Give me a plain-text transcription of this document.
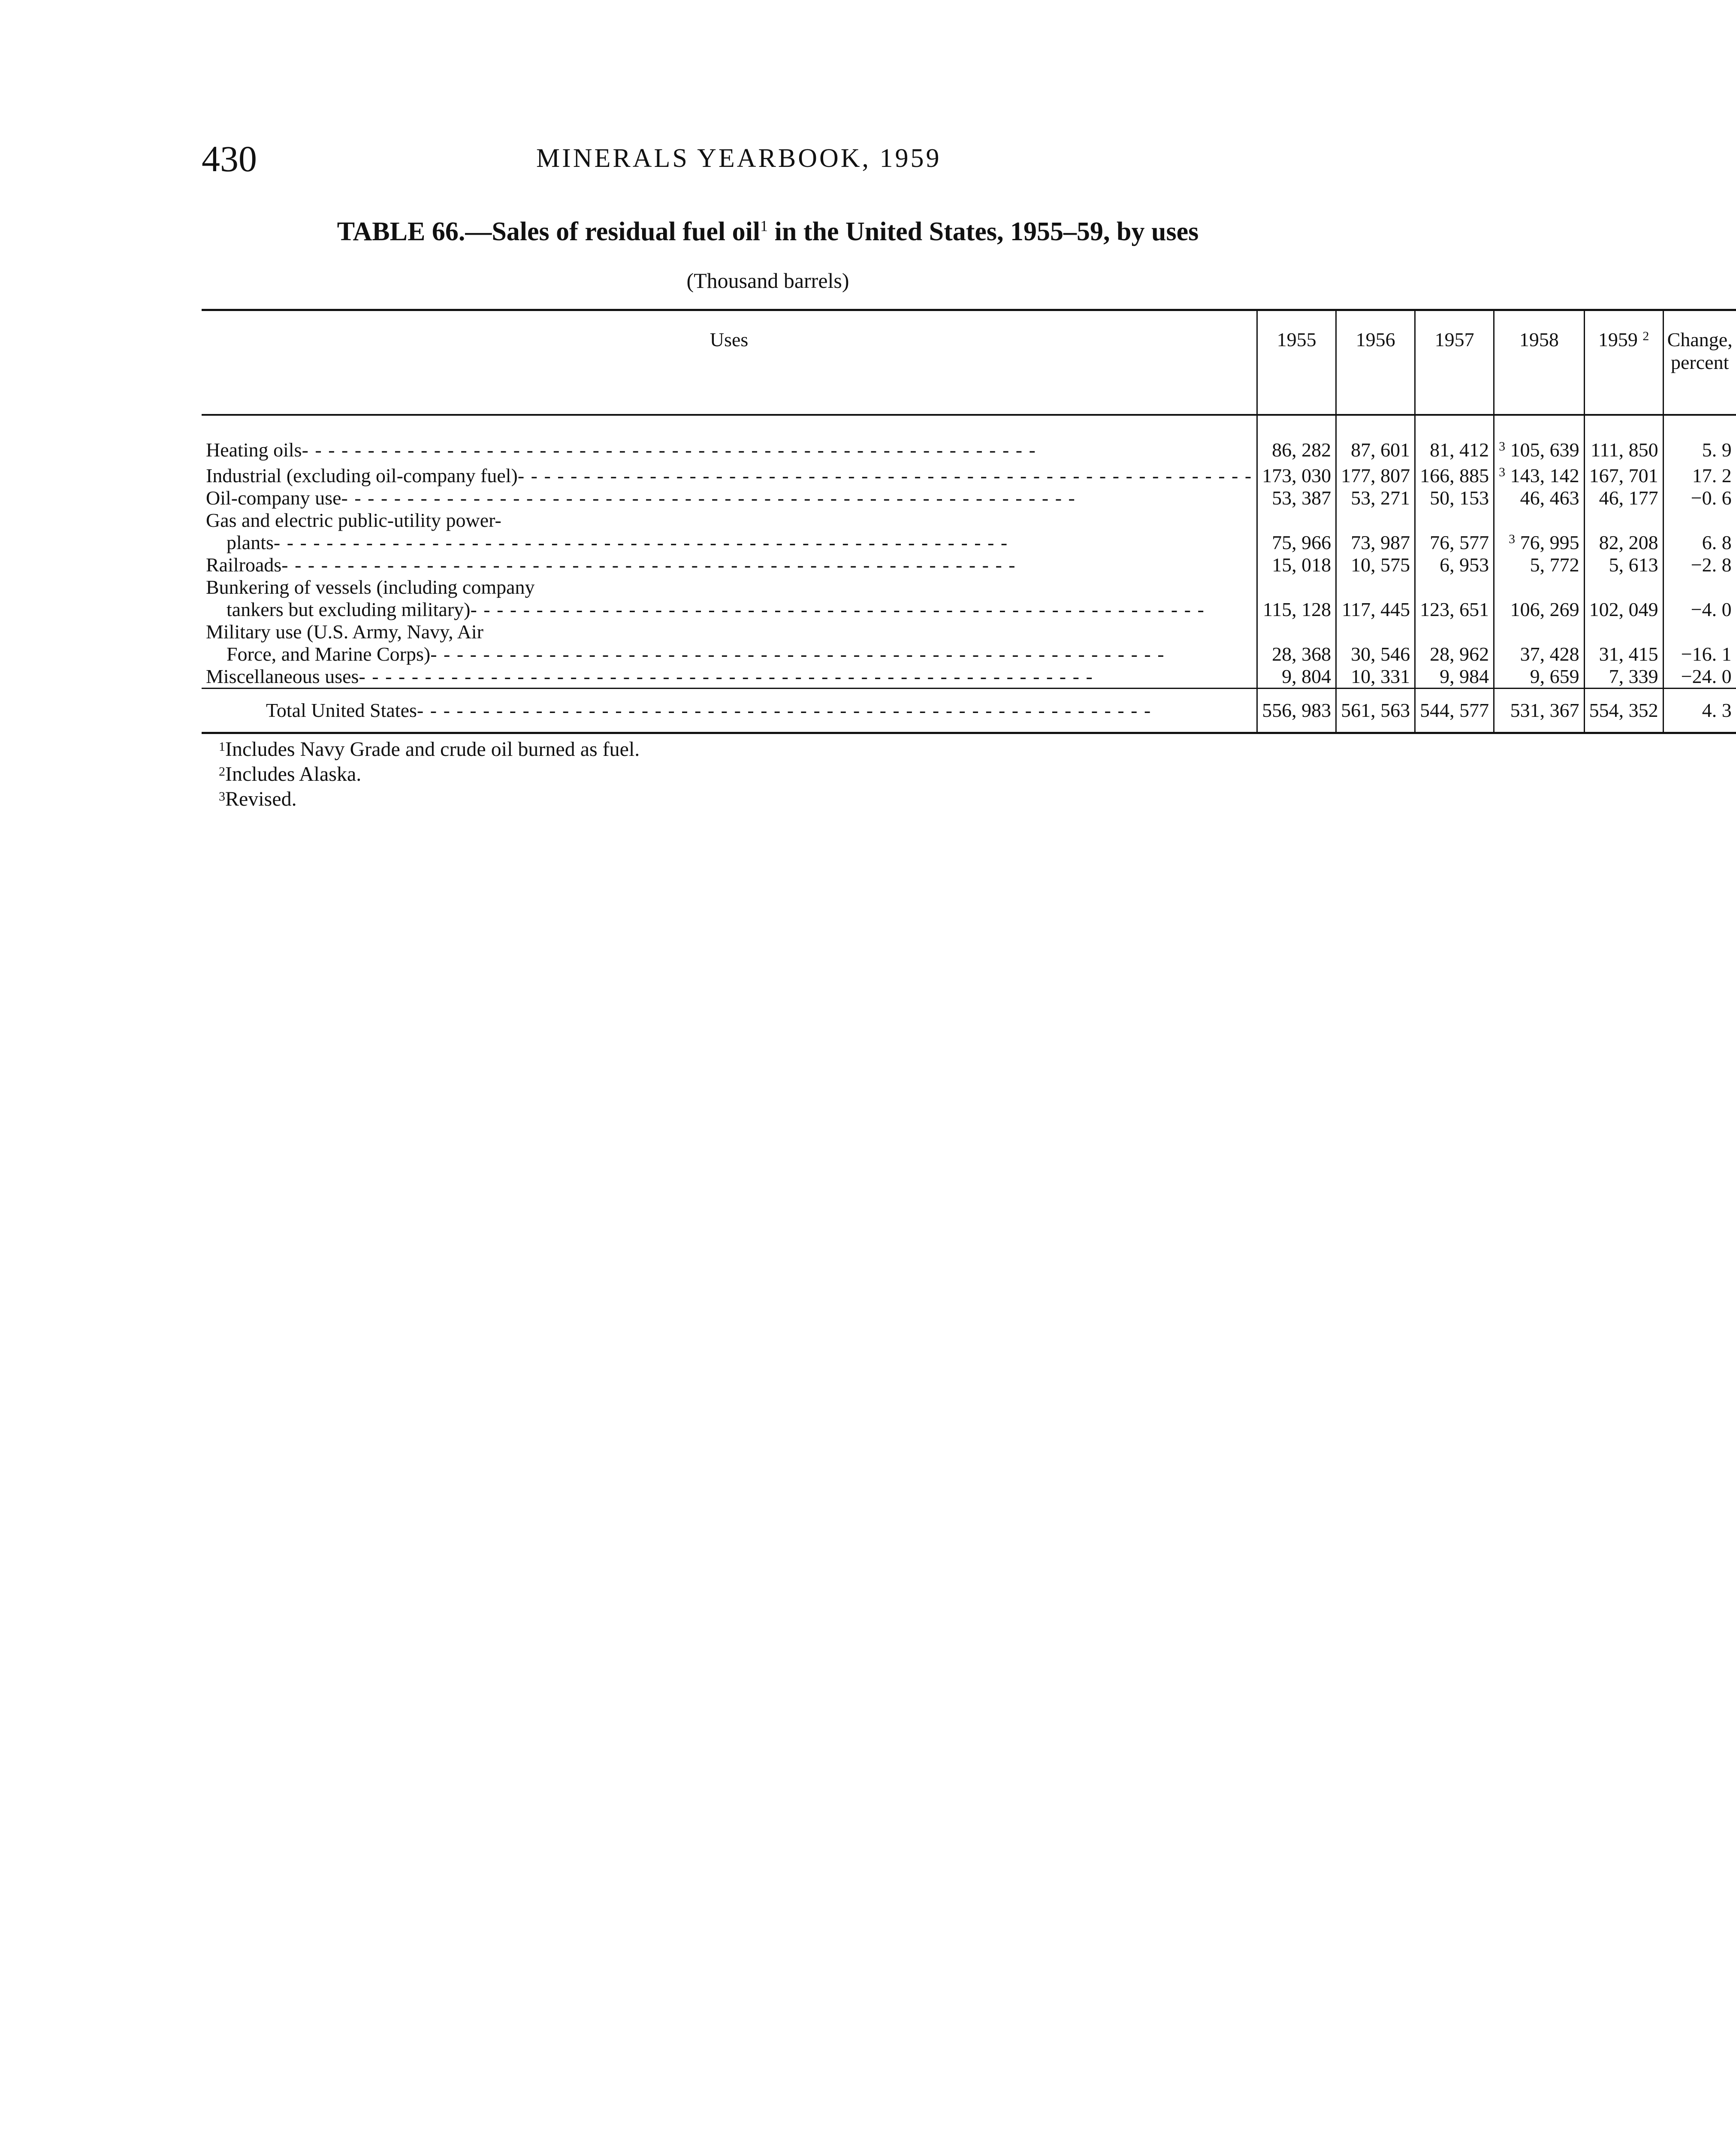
430	MINERALS YEARBOOK, 1959
TABLE 66.—Sales of residual fuel oil$^1$ in the United States, 1955–59, by uses
(Thousand barrels)
Uses	1955	1956	1957	1958	1959 $^2$	Change,
percent

Heating oils - - - - - - - - - - - - - - - - - - - - - - - - - - - - - - - - - - - - - - - - - - - - - - - - - - - - - - - -	86, 282	87, 601	81, 412	$^3$ 105, 639	111, 850	5. 9

Industrial (excluding oil-company fuel) - - - - - - - - - - - - - - - - - - - - - - - - - - - - - - - - - - - - - - - - - - - - - - - - - - - - - - - -	173, 030	177, 807	166, 885	$^3$ 143, 142	167, 701	17. 2

Oil-company use - - - - - - - - - - - - - - - - - - - - - - - - - - - - - - - - - - - - - - - - - - - - - - - - - - - - - - - -	53, 387	53, 271	50, 153	46, 463	46, 177	−0. 6

Gas and electric public-utility power-
plants - - - - - - - - - - - - - - - - - - - - - - - - - - - - - - - - - - - - - - - - - - - - - - - - - - - - - - - -	75, 966	73, 987	76, 577	$^3$ 76, 995	82, 208	6. 8

Railroads - - - - - - - - - - - - - - - - - - - - - - - - - - - - - - - - - - - - - - - - - - - - - - - - - - - - - - - -	15, 018	10, 575	6, 953	5, 772	5, 613	−2. 8

Bunkering of vessels (including company
tankers but excluding military) - - - - - - - - - - - - - - - - - - - - - - - - - - - - - - - - - - - - - - - - - - - - - - - - - - - - - - - -	115, 128	117, 445	123, 651	106, 269	102, 049	−4. 0

Military use (U.S. Army, Navy, Air
Force, and Marine Corps) - - - - - - - - - - - - - - - - - - - - - - - - - - - - - - - - - - - - - - - - - - - - - - - - - - - - - - - -	28, 368	30, 546	28, 962	37, 428	31, 415	−16. 1

Miscellaneous uses - - - - - - - - - - - - - - - - - - - - - - - - - - - - - - - - - - - - - - - - - - - - - - - - - - - - - - - -	9, 804	10, 331	9, 984	9, 659	7, 339	−24. 0

Total United States - - - - - - - - - - - - - - - - - - - - - - - - - - - - - - - - - - - - - - - - - - - - - - - - - - - - - - - -	556, 983	561, 563	544, 577	531, 367	554, 352	4. 3
$^1$Includes Navy Grade and crude oil burned as fuel.
$^2$Includes Alaska.
$^3$Revised.
